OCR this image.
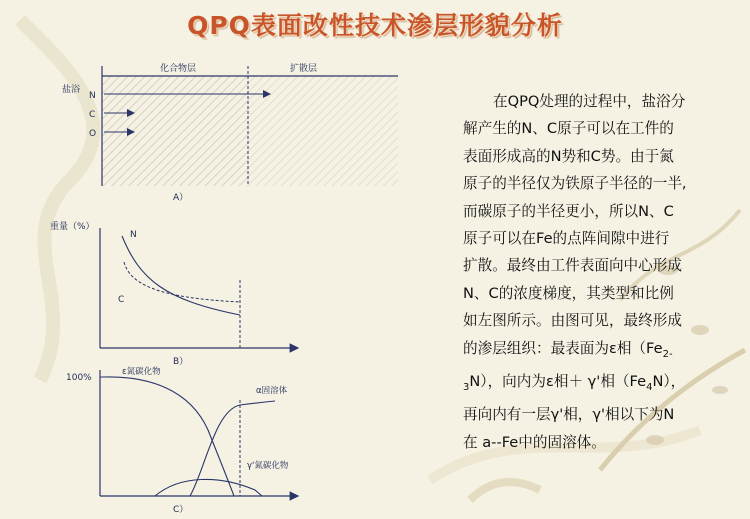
QPQ表面改性技术渗层形貌分析
化合物层	扩散层
盐浴
N
C
O
A）
重量（%）
N
C
B）
100%
ε氮碳化物
α固溶体
γ'氮碳化物
C）
在QPQ处理的过程中，盐浴分
解产生的N、C原子可以在工件的
表面形成高的N势和C势。由于氮
原子的半径仅为铁原子半径的一半,
而碳原子的半径更小，所以N、C
原子可以在Fe的点阵间隙中进行
扩散。最终由工件表面向中心形成
N、C的浓度梯度，其类型和比例
如左图所示。由图可见，最终形成
的渗层组织：最表面为ε相（$Fe_{2-}$
$_3$N），向内为ε相＋ γ'相$(Fe_4N)$，
再向内有一层γ'相，γ'相以下为N
在 a--Fe中的固溶体。
